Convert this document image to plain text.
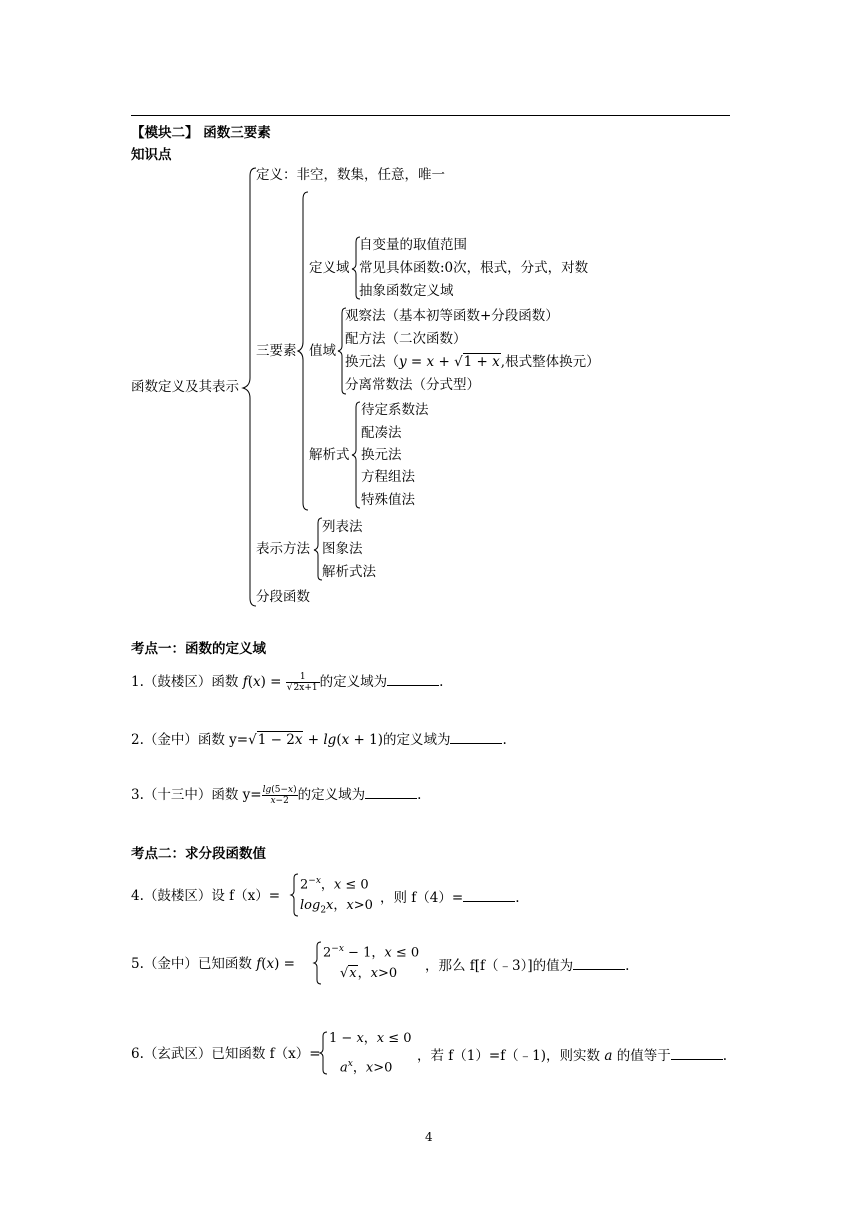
【模块二】 函数三要素
知识点
函数定义及其表示
定义：非空，数集，任意，唯一
三要素
定义域
自变量的取值范围
常见具体函数:0次，根式，分式，对数
抽象函数定义域
值域
观察法（基本初等函数+分段函数）
配方法（二次函数）
换元法（y = x + √1 + x,根式整体换元）
分离常数法（分式型）
解析式
待定系数法
配凑法
换元法
方程组法
特殊值法
表示方法
列表法
图象法
解析式法
分段函数
考点一：函数的定义域
1.（鼓楼区）函数 $f(x) = \frac{1}{√2x+1}$ 的定义域为	.
2.（金中）函数 y=√1 − 2x + lg(x + 1)的定义域为	.
3.（十三中）函数 $y= \frac{\lg(5-x)}{x-2}$ 的定义域为	.
考点二：求分段函数值
4.（鼓楼区）设 f（x）=
$2^{-x}$，x ≤ 0
$\log_2x$，x>0 ，则 f（4）=	.
5.（金中）已知函数 f(x) =
$2^{-x} - 1$，x ≤ 0
√x，x>0 ，那么 f[f（﹣3）]的值为	.
6.（玄武区）已知函数 f（x）=
1 − x，x ≤ 0
$a^x$，x>0
，若 f（1）=f（﹣1)，则实数 a 的值等于	.
4
